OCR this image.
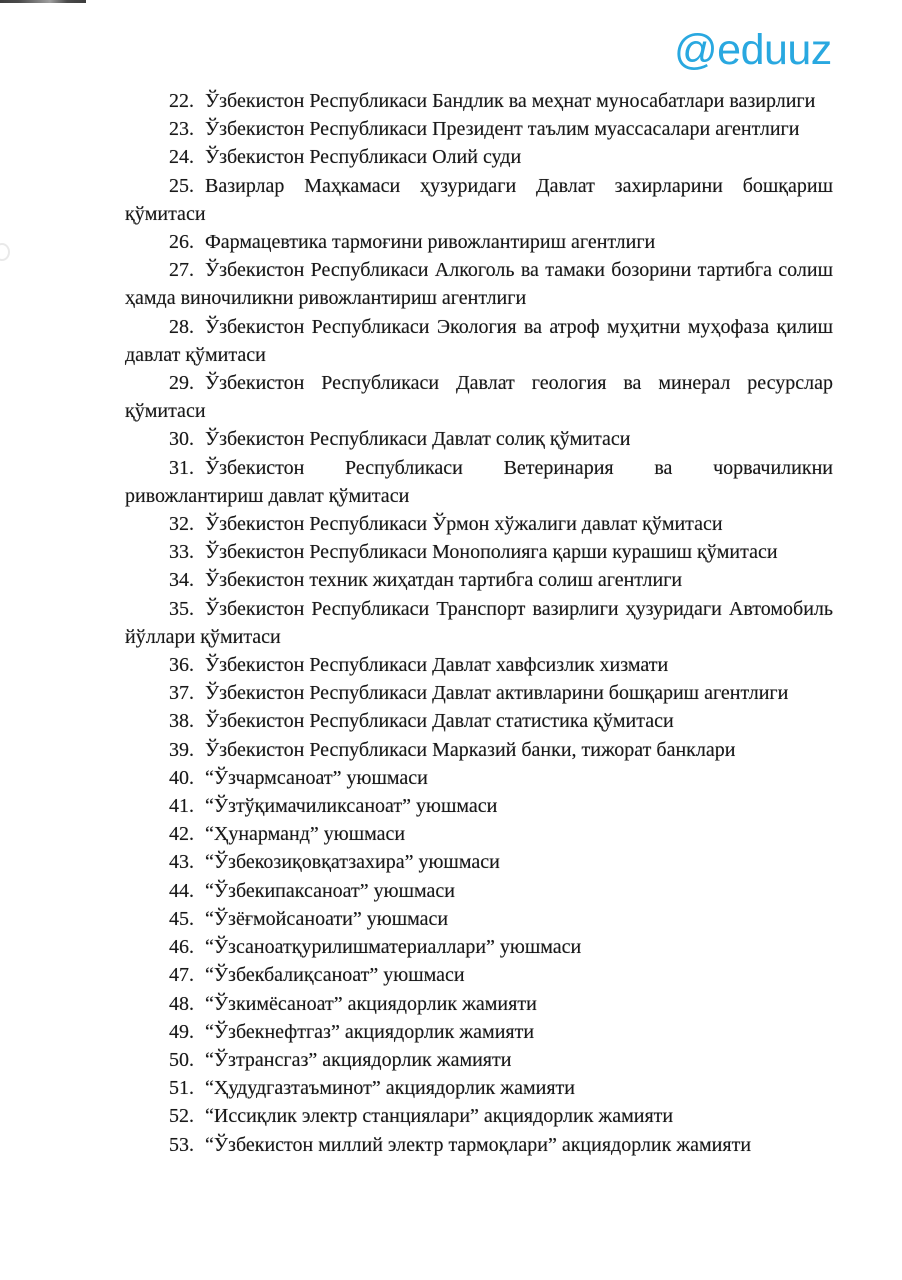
@eduuz

22. Ўзбекистон Республикаси Бандлик ва меҳнат муносабатлари вазирлиги

23. Ўзбекистон Республикаси Президент таълим муассасалари агентлиги

24. Ўзбекистон Республикаси Олий суди

25. Вазирлар Маҳкамаси ҳузуридаги Давлат захирларини бошқариш қўмитаси

26. Фармацевтика тармоғини ривожлантириш агентлиги

27. Ўзбекистон Республикаси Алкоголь ва тамаки бозорини тартибга солиш ҳамда виночиликни ривожлантириш агентлиги

28. Ўзбекистон Республикаси Экология ва атроф муҳитни муҳофаза қилиш давлат қўмитаси

29. Ўзбекистон Республикаси Давлат геология ва минерал ресурслар қўмитаси

30. Ўзбекистон Республикаси Давлат солиқ қўмитаси

31. Ўзбекистон Республикаси Ветеринария ва чорвачиликни ривожлантириш давлат қўмитаси

32. Ўзбекистон Республикаси Ўрмон хўжалиги давлат қўмитаси

33. Ўзбекистон Республикаси Монополияга қарши курашиш қўмитаси

34. Ўзбекистон техник жиҳатдан тартибга солиш агентлиги

35. Ўзбекистон Республикаси Транспорт вазирлиги ҳузуридаги Автомобиль йўллари қўмитаси

36. Ўзбекистон Республикаси Давлат хавфсизлик хизмати

37. Ўзбекистон Республикаси Давлат активларини бошқариш агентлиги

38. Ўзбекистон Республикаси Давлат статистика қўмитаси

39. Ўзбекистон Республикаси Марказий банки, тижорат банклари

40. “Ўзчармсаноат” уюшмаси

41. “Ўзтўқимачиликсаноат” уюшмаси

42. “Ҳунарманд” уюшмаси

43. “Ўзбекозиқовқатзахира” уюшмаси

44. “Ўзбекипаксаноат” уюшмаси

45. “Ўзёғмойсаноати” уюшмаси

46. “Ўзсаноатқурилишматериаллари” уюшмаси

47. “Ўзбекбалиқсаноат” уюшмаси

48. “Ўзкимёсаноат” акциядорлик жамияти

49. “Ўзбекнефтгаз” акциядорлик жамияти

50. “Ўзтрансгаз” акциядорлик жамияти

51. “Ҳудудгазтаъминот” акциядорлик жамияти

52. “Иссиқлик электр станциялари” акциядорлик жамияти

53. “Ўзбекистон миллий электр тармоқлари” акциядорлик жамияти
